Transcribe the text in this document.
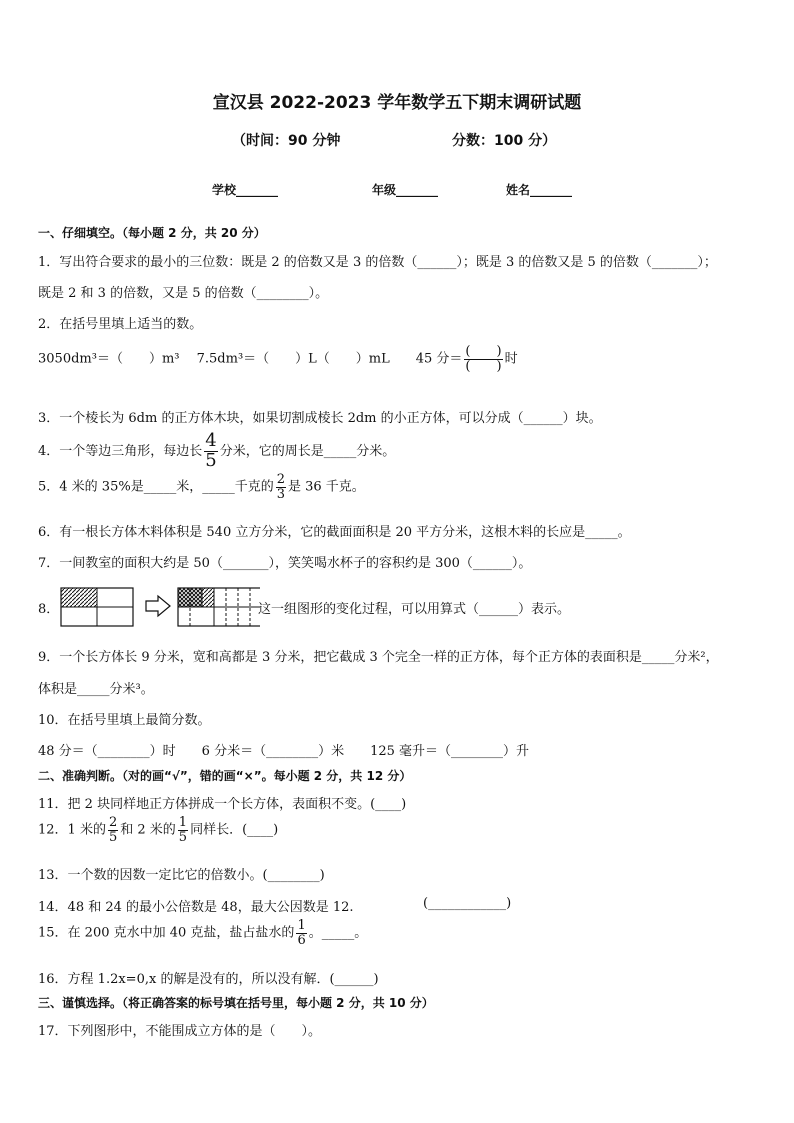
宣汉县 2022-2023 学年数学五下期末调研试题
（时间：90 分钟	分数：100 分）
学校_______	年级_______	姓名_______
一、仔细填空。（每小题 2 分，共 20 分）
1．写出符合要求的最小的三位数：既是 2 的倍数又是 3 的倍数（______）；既是 3 的倍数又是 5 的倍数（_______）；
既是 2 和 3 的倍数，又是 5 的倍数（________）。
2．在括号里填上适当的数。
3050dm³＝（　　）m³　 7.5dm³＝（　　）L（　　）mL　　45 分＝ $\frac{( )}{( )}$ 时
3．一个棱长为 6dm 的正方体木块，如果切割成棱长 2dm 的小正方体，可以分成（______）块。
4．一个等边三角形，每边长 $\frac{4}{5}$ 分米，它的周长是_____分米。
5．4 米的 35%是_____米，_____千克的 $\frac{2}{3}$ 是 36 千克。
6．有一根长方体木料体积是 540 立方分米，它的截面面积是 20 平方分米，这根木料的长应是_____。
7．一间教室的面积大约是 50（_______），笑笑喝水杯子的容积约是 300（______）。
8．	这一组图形的变化过程，可以用算式（______）表示。
9．一个长方体长 9 分米，宽和高都是 3 分米，把它截成 3 个完全一样的正方体，每个正方体的表面积是_____分米²，
体积是_____分米³。
10．在括号里填上最简分数。
48 分＝（________）时　　6 分米＝（________）米　　125 毫升＝（________）升
二、准确判断。（对的画“√”，错的画“×”。每小题 2 分，共 12 分）
11．把 2 块同样地正方体拼成一个长方体，表面积不变。(____)
12．1 米的 $\frac{2}{5}$ 和 2 米的 $\frac{1}{5}$ 同样长．(____)
13．一个数的因数一定比它的倍数小。(________)
14．48 和 24 的最小公倍数是 48，最大公因数是 12.	(____________)
15．在 200 克水中加 40 克盐，盐占盐水的 $\frac{1}{6}$ 。_____。
16．方程 1.2x=0,x 的解是没有的，所以没有解．(______)
三、谨慎选择。（将正确答案的标号填在括号里，每小题 2 分，共 10 分）
17．下列图形中，不能围成立方体的是（　　）。
